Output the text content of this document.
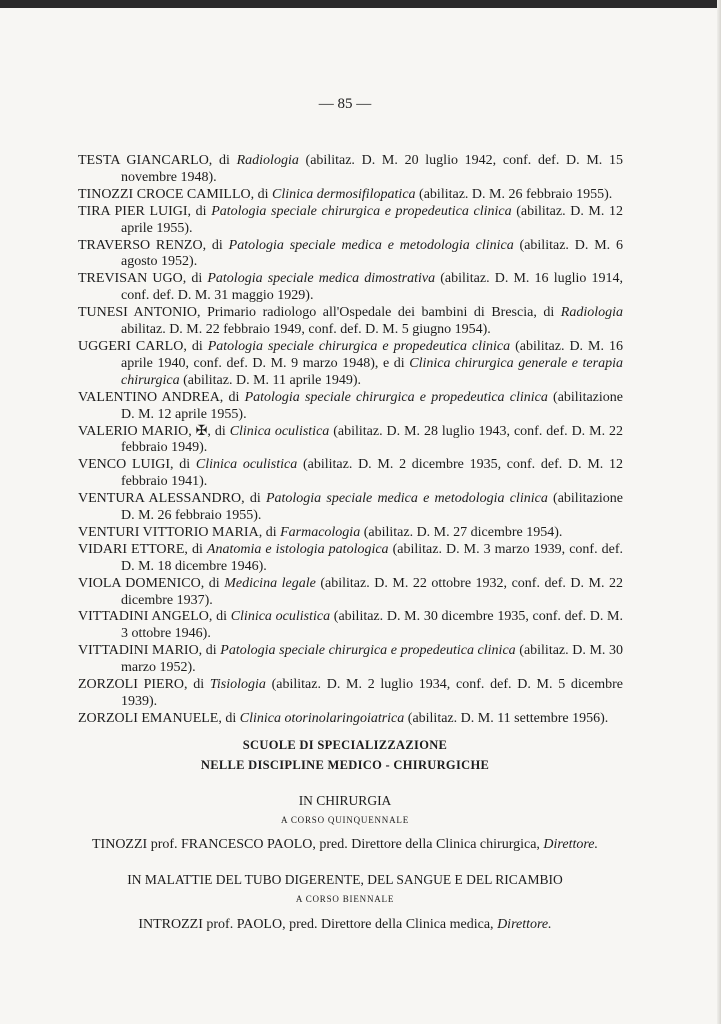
— 85 —

TESTA GIANCARLO, di Radiologia (abilitaz. D. M. 20 luglio 1942, conf. def. D. M. 15 novembre 1948).

TINOZZI CROCE CAMILLO, di Clinica dermosifilopatica (abilitaz. D. M. 26 febbraio 1955).

TIRA PIER LUIGI, di Patologia speciale chirurgica e propedeutica clinica (abilitaz. D. M. 12 aprile 1955).

TRAVERSO RENZO, di Patologia speciale medica e metodologia clinica (abilitaz. D. M. 6 agosto 1952).

TREVISAN UGO, di Patologia speciale medica dimostrativa (abilitaz. D. M. 16 luglio 1914, conf. def. D. M. 31 maggio 1929).

TUNESI ANTONIO, Primario radiologo all'Ospedale dei bambini di Brescia, di Radiologia abilitaz. D. M. 22 febbraio 1949, conf. def. D. M. 5 giugno 1954).

UGGERI CARLO, di Patologia speciale chirurgica e propedeutica clinica (abilitaz. D. M. 16 aprile 1940, conf. def. D. M. 9 marzo 1948), e di Clinica chirurgica generale e terapia chirurgica (abilitaz. D. M. 11 aprile 1949).

VALENTINO ANDREA, di Patologia speciale chirurgica e propedeutica clinica (abilitazione D. M. 12 aprile 1955).

VALERIO MARIO, ✠, di Clinica oculistica (abilitaz. D. M. 28 luglio 1943, conf. def. D. M. 22 febbraio 1949).

VENCO LUIGI, di Clinica oculistica (abilitaz. D. M. 2 dicembre 1935, conf. def. D. M. 12 febbraio 1941).

VENTURA ALESSANDRO, di Patologia speciale medica e metodologia clinica (abilitazione D. M. 26 febbraio 1955).

VENTURI VITTORIO MARIA, di Farmacologia (abilitaz. D. M. 27 dicembre 1954).

VIDARI ETTORE, di Anatomia e istologia patologica (abilitaz. D. M. 3 marzo 1939, conf. def. D. M. 18 dicembre 1946).

VIOLA DOMENICO, di Medicina legale (abilitaz. D. M. 22 ottobre 1932, conf. def. D. M. 22 dicembre 1937).

VITTADINI ANGELO, di Clinica oculistica (abilitaz. D. M. 30 dicembre 1935, conf. def. D. M. 3 ottobre 1946).

VITTADINI MARIO, di Patologia speciale chirurgica e propedeutica clinica (abilitaz. D. M. 30 marzo 1952).

ZORZOLI PIERO, di Tisiologia (abilitaz. D. M. 2 luglio 1934, conf. def. D. M. 5 dicembre 1939).

ZORZOLI EMANUELE, di Clinica otorinolaringoiatrica (abilitaz. D. M. 11 settembre 1956).

SCUOLE DI SPECIALIZZAZIONE
NELLE DISCIPLINE MEDICO - CHIRURGICHE
IN CHIRURGIA
A CORSO QUINQUENNALE
TINOZZI prof. FRANCESCO PAOLO, pred. Direttore della Clinica chirurgica, Direttore.
IN MALATTIE DEL TUBO DIGERENTE, DEL SANGUE E DEL RICAMBIO
A CORSO BIENNALE
INTROZZI prof. PAOLO, pred. Direttore della Clinica medica, Direttore.
